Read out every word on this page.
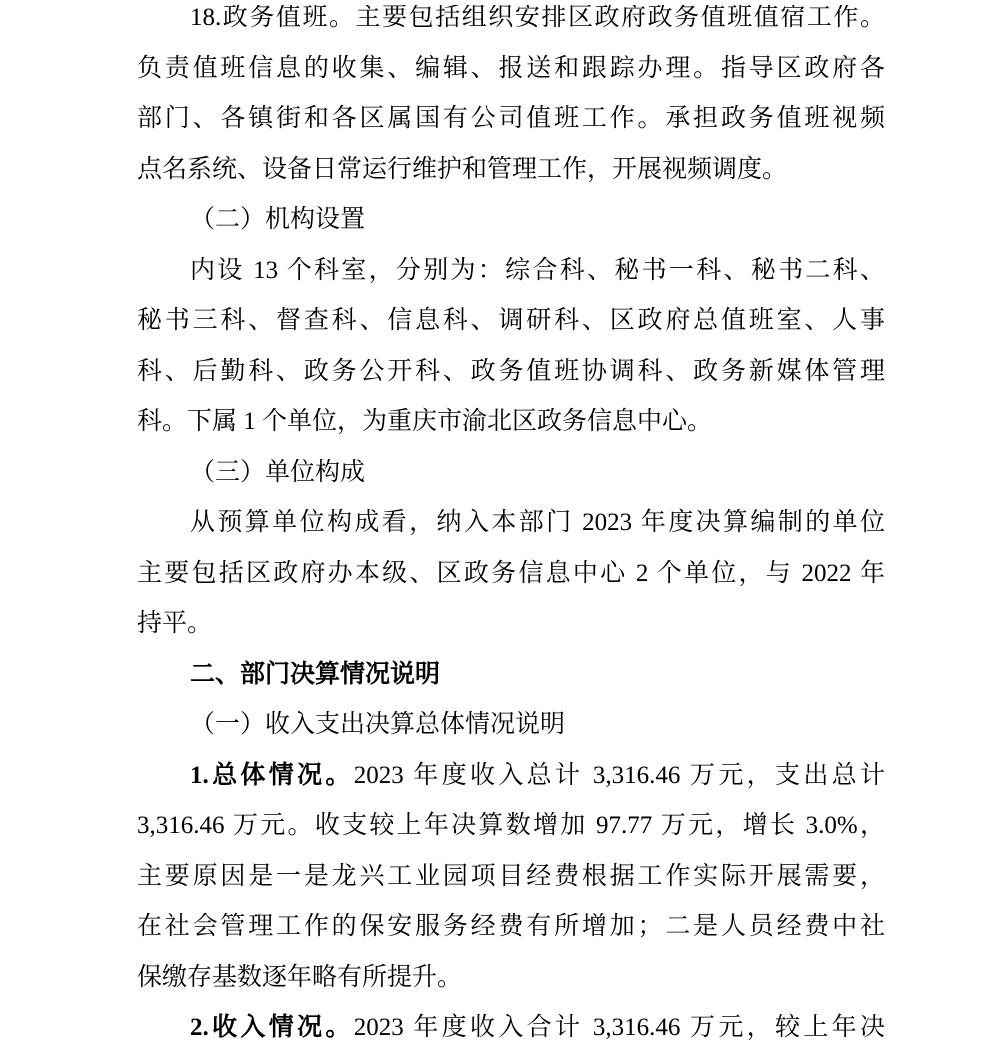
18.政务值班。主要包括组织安排区政府政务值班值宿工作。
负责值班信息的收集、编辑、报送和跟踪办理。指导区政府各
部门、各镇街和各区属国有公司值班工作。承担政务值班视频
点名系统、设备日常运行维护和管理工作，开展视频调度。
（二）机构设置
内设 13 个科室，分别为：综合科、秘书一科、秘书二科、
秘书三科、督查科、信息科、调研科、区政府总值班室、人事
科、后勤科、政务公开科、政务值班协调科、政务新媒体管理
科。下属 1 个单位，为重庆市渝北区政务信息中心。
（三）单位构成
从预算单位构成看，纳入本部门 2023 年度决算编制的单位
主要包括区政府办本级、区政务信息中心 2 个单位，与 2022 年
持平。
二、部门决算情况说明
（一）收入支出决算总体情况说明
1.总体情况。2023 年度收入总计 3,316.46 万元，支出总计
3,316.46 万元。收支较上年决算数增加 97.77 万元，增长 3.0%，
主要原因是一是龙兴工业园项目经费根据工作实际开展需要，
在社会管理工作的保安服务经费有所增加；二是人员经费中社
保缴存基数逐年略有所提升。
2.收入情况。2023 年度收入合计 3,316.46 万元，较上年决
